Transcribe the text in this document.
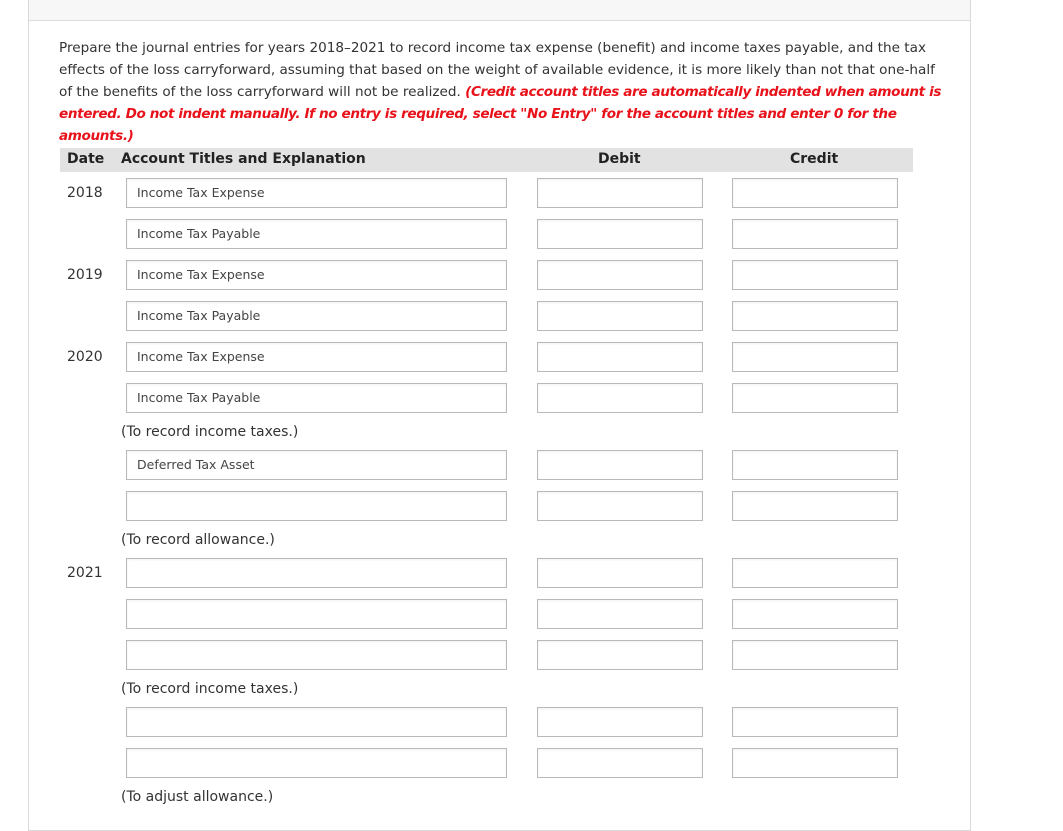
Prepare the journal entries for years 2018–2021 to record income tax expense (benefit) and income taxes payable, and the tax effects of the loss carryforward, assuming that based on the weight of available evidence, it is more likely than not that one-half of the benefits of the loss carryforward will not be realized. (Credit account titles are automatically indented when amount is entered. Do not indent manually. If no entry is required, select "No Entry" for the account titles and enter 0 for the amounts.)
Date Account Titles and Explanation	Debit	Credit
2018
2019
2020
2021
Income Tax Expense
Income Tax Payable
Income Tax Expense
Income Tax Payable
Income Tax Expense
Income Tax Payable
(To record income taxes.)
Deferred Tax Asset
(To record allowance.)
(To record income taxes.)
(To adjust allowance.)
